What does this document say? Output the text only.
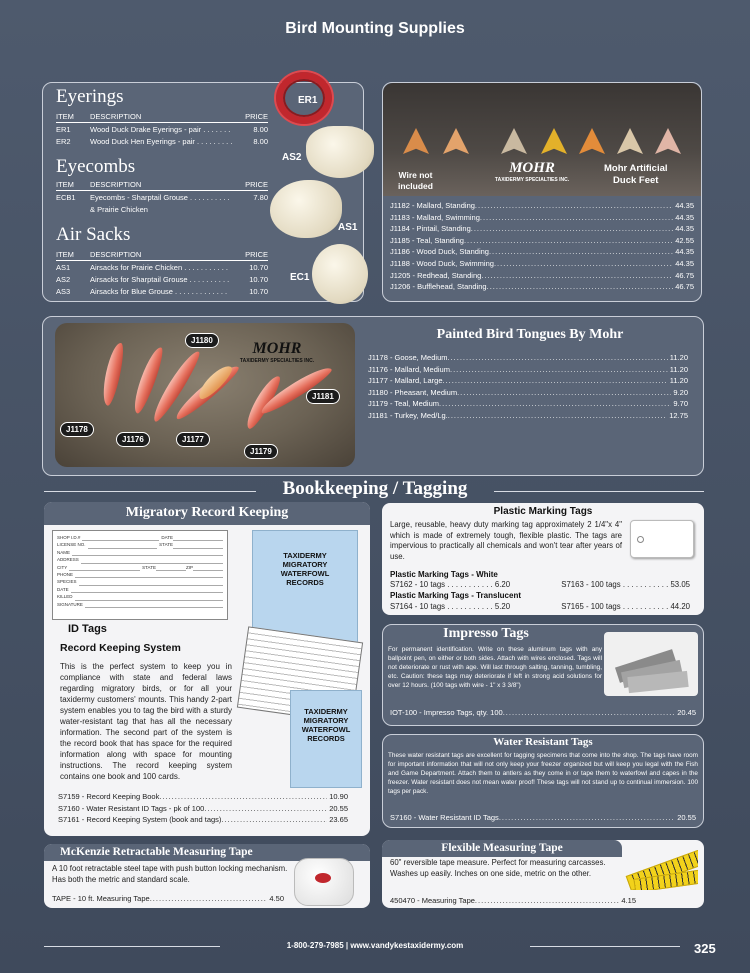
Bird Mounting Supplies
Eyerings
ITEM	DESCRIPTION	PRICE
ER1	Wood Duck Drake Eyerings - pair . . . . . . .	8.00
ER2	Wood Duck Hen Eyerings - pair . . . . . . . . .	8.00
Eyecombs
ITEM	DESCRIPTION	PRICE
ECB1	Eyecombs - Sharptail Grouse . . . . . . . . . .	7.80
& Prairie Chicken
Air Sacks
ITEM	DESCRIPTION	PRICE
AS1	Airsacks for Prairie Chicken . . . . . . . . . . .	10.70
AS2	Airsacks for Sharptail Grouse . . . . . . . . . .	10.70
AS3	Airsacks for Blue Grouse . . . . . . . . . . . . .	10.70
ER1
AS2
AS1
EC1
Wire not
included
MOHR
TAXIDERMY SPECIALTIES INC.
Mohr Artificial
Duck Feet
J1182 - Mallard, Standing .....	44.35
J1183 - Mallard, Swimming .....	44.35
J1184 - Pintail, Standing .....	44.35
J1185 - Teal, Standing .....	42.55
J1186 - Wood Duck, Standing .....	44.35
J1188 - Wood Duck, Swimming .....	44.35
J1205 - Redhead, Standing .....	46.75
J1206 - Bufflehead, Standing .....	46.75
J1180
J1181
J1178
J1176	J1177
J1179
MOHR
TAXIDERMY SPECIALTIES INC.
Painted Bird Tongues By Mohr
J1178 - Goose, Medium .....	11.20
J1176 - Mallard, Medium .....	11.20
J1177 - Mallard, Large .....	11.20
J1180 - Pheasant, Medium .....	9.20
J1179 - Teal, Medium .....	9.70
J1181 - Turkey, Med/Lg. .....	12.75
Bookkeeping / Tagging
Migratory Record Keeping
SHOP I.D.#	DATE
LICENSE NO.	STATE
NAME
ADDRESS
CITY	STATE	ZIP
PHONE
SPECIES
DATE
KILLED
SIGNATURE
TAXIDERMY MIGRATORY WATERFOWL RECORDS
TAXIDERMY MIGRATORY WATERFOWL RECORDS
ID Tags
Record Keeping System
This is the perfect system to keep you in compliance with state and federal laws regarding migratory birds, or for all your taxidermy customers' mounts. This handy 2-part system enables you to tag the bird with a sturdy water-resistant tag that has all the necessary information. The second part of the system is the record book that has space for the required information along with space for mounting instructions. The record keeping system contains one book and 100 cards.
S7159 - Record Keeping Book .....	10.90
S7160 - Water Resistant ID Tags - pk of 100 .....	20.55
S7161 - Record Keeping System (book and tags) .....	23.65
Plastic Marking Tags
Large, reusable, heavy duty marking tag approximately 2 1/4"x 4" which is made of extremely tough, flexible plastic. The tags are impervious to practically all chemicals and won't tear after years of use.
Plastic Marking Tags - White
S7162 - 10 tags . . . . . . . . . . . 6.20	S7163 - 100 tags . . . . . . . . . . . 53.05
Plastic Marking Tags - Translucent
S7164 - 10 tags . . . . . . . . . . . 5.20	S7165 - 100 tags . . . . . . . . . . . 44.20
Impresso Tags
For permanent identification. Write on these aluminum tags with any ballpoint pen, on either or both sides. Attach with wires enclosed. Tags will not deteriorate or rust with age. Will last through salting, tanning, tumbling, etc. Caution: these tags may deteriorate if left in strong acid solutions for over 12 hours. (100 tags with wire - 1" x 3 3/8")
IOT-100 - Impresso Tags, qty. 100 .....	20.45
Water Resistant Tags
These water resistant tags are excellent for tagging specimens that come into the shop. The tags have room for important information that will not only keep your freezer organized but will keep you legal with the Fish and Game Department. Attach them to antlers as they come in or tape them to waterfowl and capes in the freezer. Water resistant does not mean water proof! These tags will not stand up to continual immersion. 100 tags per pack.
S7160 - Water Resistant ID Tags .....	20.55
McKenzie Retractable Measuring Tape
A 10 foot retractable steel tape with push button locking mechanism. Has both the metric and standard scale.
TAPE - 10 ft. Measuring Tape .....	4.50
Flexible Measuring Tape
60" reversible tape measure. Perfect for measuring carcasses. Washes up easily. Inches on one side, metric on the other.
450470 - Measuring Tape .....	4.15
1-800-279-7985 | www.vandykestaxidermy.com	325
